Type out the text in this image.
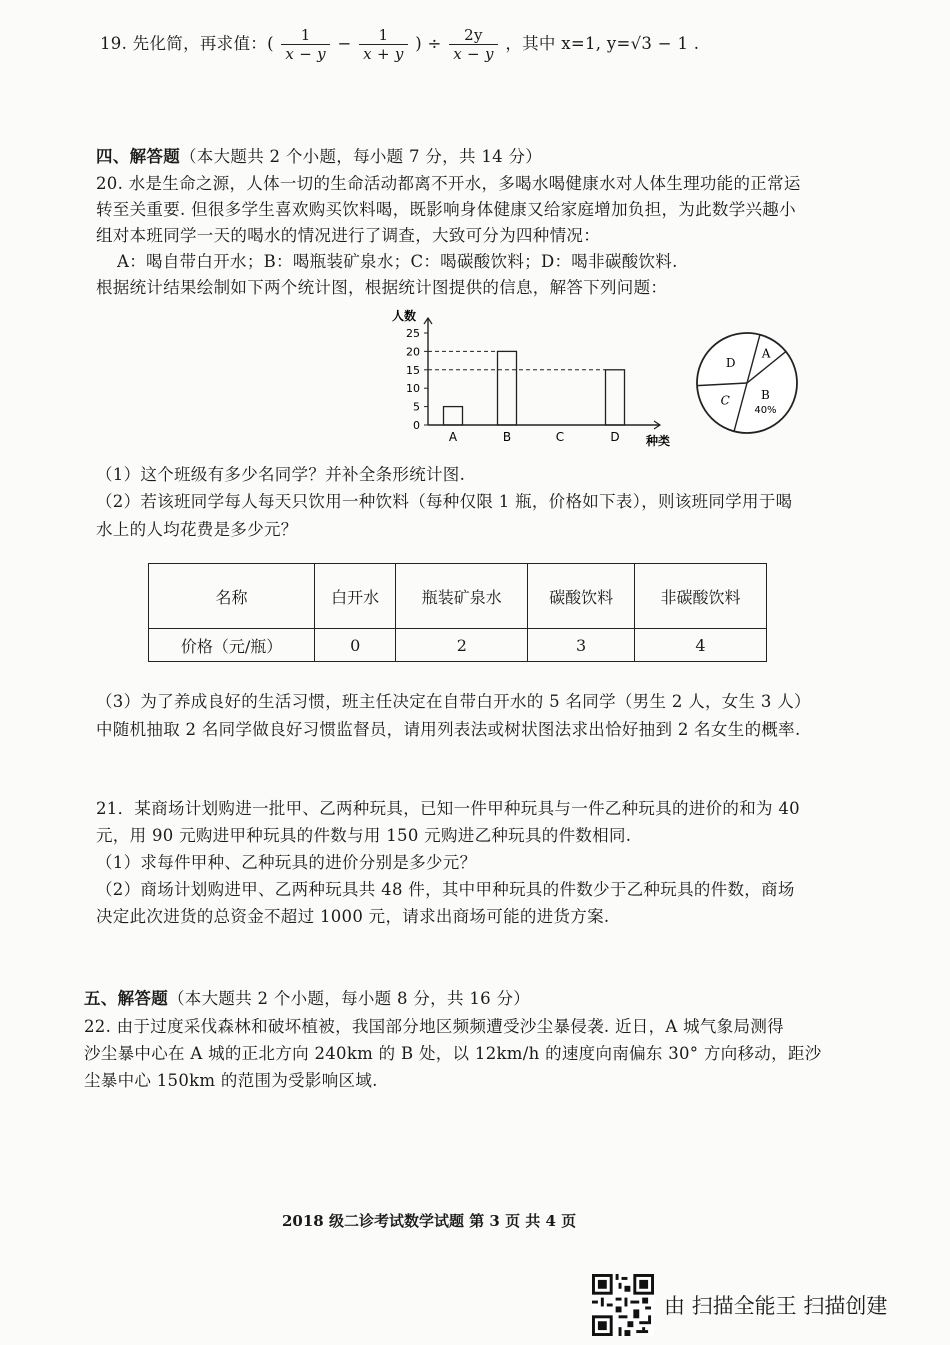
19. 先化简，再求值：( $\frac{1}{x - y} - \frac{1}{x + y}$ ) ÷ $\frac{2y}{x - y}$ ，其中 x=1, y=√3 − 1 .
四、解答题（本大题共 2 个小题，每小题 7 分，共 14 分）
20. 水是生命之源，人体一切的生命活动都离不开水，多喝水喝健康水对人体生理功能的正常运
转至关重要. 但很多学生喜欢购买饮料喝，既影响身体健康又给家庭增加负担，为此数学兴趣小
组对本班同学一天的喝水的情况进行了调查，大致可分为四种情况：
A：喝自带白开水；B：喝瓶装矿泉水；C：喝碳酸饮料；D：喝非碳酸饮料.
根据统计结果绘制如下两个统计图，根据统计图提供的信息，解答下列问题：
人数
种类
0
5
10
15
20
25
A	B	C	D
A
B
C
D
40%
（1）这个班级有多少名同学？并补全条形统计图.
（2）若该班同学每人每天只饮用一种饮料（每种仅限 1 瓶，价格如下表），则该班同学用于喝
水上的人均花费是多少元？
名称	白开水	瓶装矿泉水	碳酸饮料	非碳酸饮料
价格（元/瓶）	0	2	3	4
（3）为了养成良好的生活习惯，班主任决定在自带白开水的 5 名同学（男生 2 人，女生 3 人）
中随机抽取 2 名同学做良好习惯监督员，请用列表法或树状图法求出恰好抽到 2 名女生的概率.
21．某商场计划购进一批甲、乙两种玩具，已知一件甲种玩具与一件乙种玩具的进价的和为 40
元，用 90 元购进甲种玩具的件数与用 150 元购进乙种玩具的件数相同.
（1）求每件甲种、乙种玩具的进价分别是多少元？
（2）商场计划购进甲、乙两种玩具共 48 件，其中甲种玩具的件数少于乙种玩具的件数，商场
决定此次进货的总资金不超过 1000 元，请求出商场可能的进货方案.
五、解答题（本大题共 2 个小题，每小题 8 分，共 16 分）
22. 由于过度采伐森林和破坏植被，我国部分地区频频遭受沙尘暴侵袭. 近日，A 城气象局测得
沙尘暴中心在 A 城的正北方向 240km 的 B 处，以 12km/h 的速度向南偏东 30° 方向移动，距沙
尘暴中心 150km 的范围为受影响区域.
2018 级二诊考试数学试题 第 3 页 共 4 页
由 扫描全能王 扫描创建
